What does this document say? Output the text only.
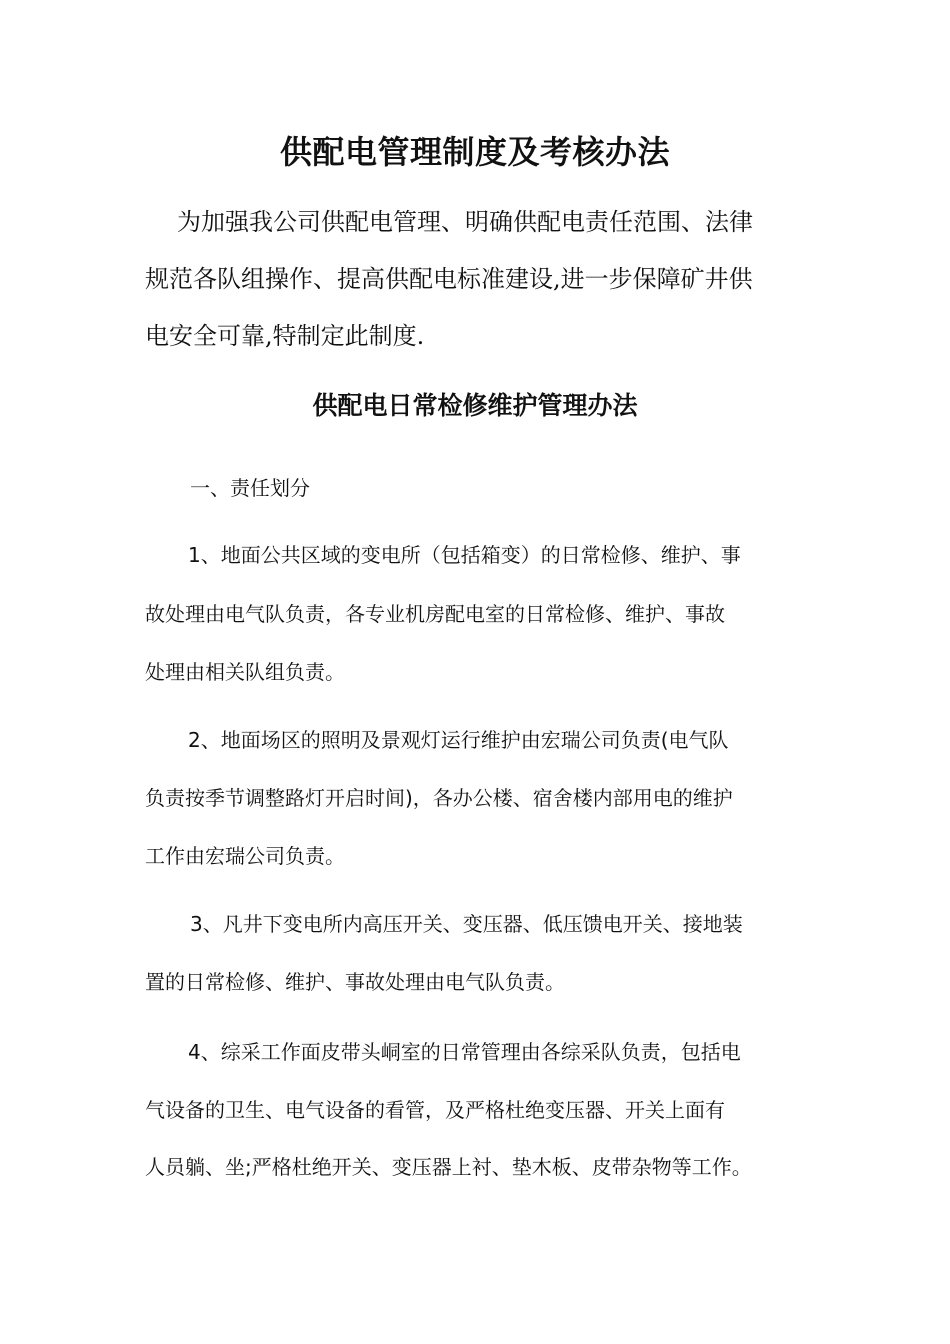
供配电管理制度及考核办法
为加强我公司供配电管理、明确供配电责任范围、法律
规范各队组操作、提高供配电标准建设,进一步保障矿井供
电安全可靠,特制定此制度.
供配电日常检修维护管理办法
一、责任划分
1、地面公共区域的变电所（包括箱变）的日常检修、维护、事
故处理由电气队负责，各专业机房配电室的日常检修、维护、事故
处理由相关队组负责。
2、地面场区的照明及景观灯运行维护由宏瑞公司负责(电气队
负责按季节调整路灯开启时间)，各办公楼、宿舍楼内部用电的维护
工作由宏瑞公司负责。
3、凡井下变电所内高压开关、变压器、低压馈电开关、接地装
置的日常检修、维护、事故处理由电气队负责。
4、综采工作面皮带头峒室的日常管理由各综采队负责，包括电
气设备的卫生、电气设备的看管，及严格杜绝变压器、开关上面有
人员躺、坐;严格杜绝开关、变压器上衬、垫木板、皮带杂物等工作。
